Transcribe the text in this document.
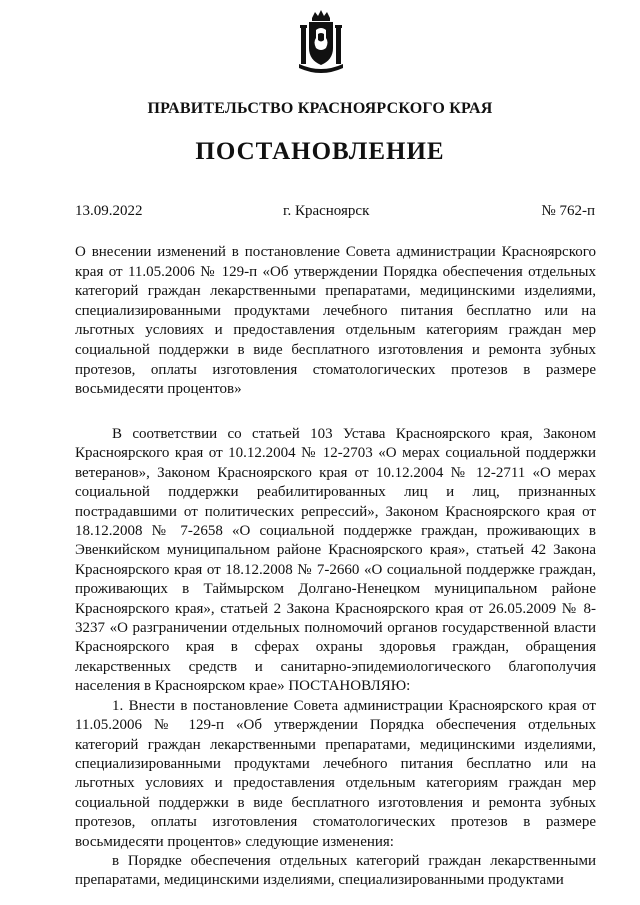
ПРАВИТЕЛЬСТВО КРАСНОЯРСКОГО КРАЯ
ПОСТАНОВЛЕНИЕ
13.09.2022	г. Красноярск	№ 762-п
О внесении изменений в постановление Совета администрации Красноярского края от 11.05.2006 № 129-п «Об утверждении Порядка обеспечения отдельных категорий граждан лекарственными препаратами, медицинскими изделиями, специализированными продуктами лечебного питания бесплатно или на льготных условиях и предоставления отдельным категориям граждан мер социальной поддержки в виде бесплатного изготовления и ремонта зубных протезов, оплаты изготовления стоматологических протезов в размере восьмидесяти процентов»

В соответствии со статьей 103 Устава Красноярского края, Законом Красноярского края от 10.12.2004 № 12-2703 «О мерах социальной поддержки ветеранов», Законом Красноярского края от 10.12.2004 № 12-2711 «О мерах социальной поддержки реабилитированных лиц и лиц, признанных пострадавшими от политических репрессий», Законом Красноярского края от 18.12.2008 № 7-2658 «О социальной поддержке граждан, проживающих в Эвенкийском муниципальном районе Красноярского края», статьей 42 Закона Красноярского края от 18.12.2008 № 7-2660 «О социальной поддержке граждан, проживающих в Таймырском Долгано-Ненецком муниципальном районе Красноярского края», статьей 2 Закона Красноярского края от 26.05.2009 № 8-3237 «О разграничении отдельных полномочий органов государственной власти Красноярского края в сферах охраны здоровья граждан, обращения лекарственных средств и санитарно-эпидемиологического благополучия населения в Красноярском крае» ПОСТАНОВЛЯЮ:

1. Внести в постановление Совета администрации Красноярского края от 11.05.2006 № 129-п «Об утверждении Порядка обеспечения отдельных категорий граждан лекарственными препаратами, медицинскими изделиями, специализированными продуктами лечебного питания бесплатно или на льготных условиях и предоставления отдельным категориям граждан мер социальной поддержки в виде бесплатного изготовления и ремонта зубных протезов, оплаты изготовления стоматологических протезов в размере восьмидесяти процентов» следующие изменения:

в Порядке обеспечения отдельных категорий граждан лекарственными препаратами, медицинскими изделиями, специализированными продуктами
